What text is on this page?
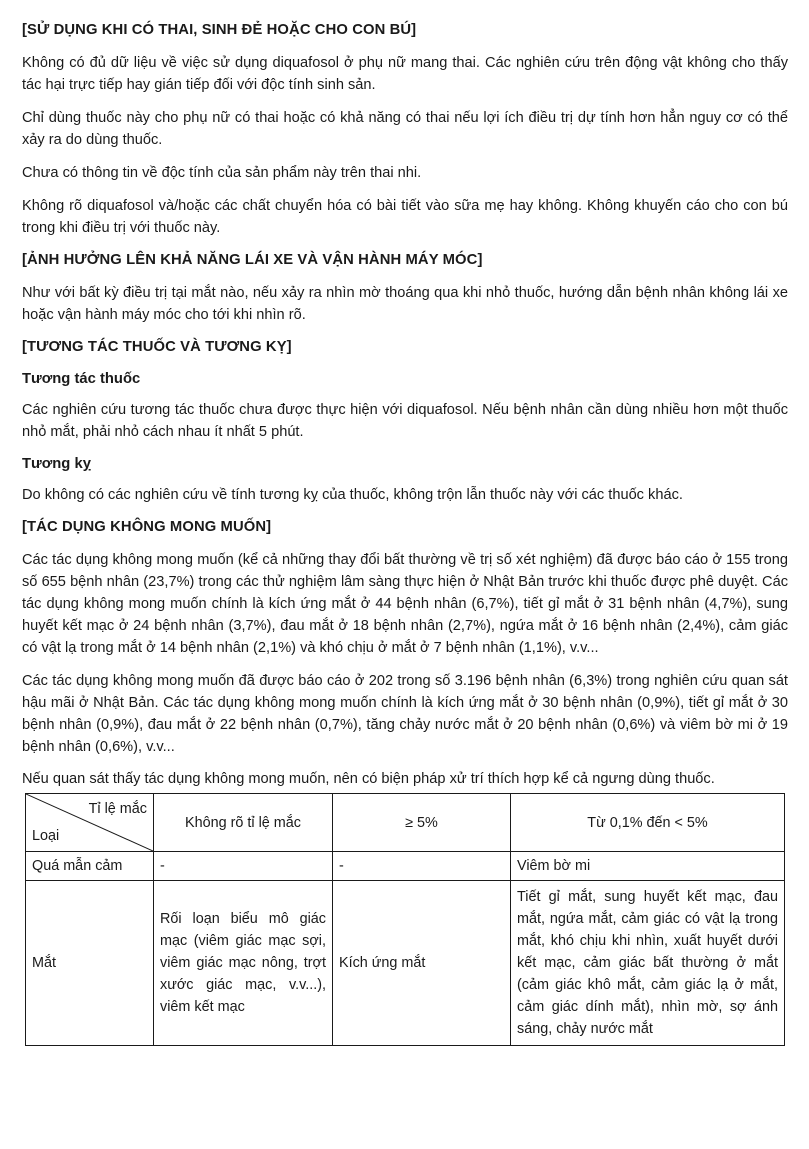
[SỬ DỤNG KHI CÓ THAI, SINH ĐẺ HOẶC CHO CON BÚ]

Không có đủ dữ liệu về việc sử dụng diquafosol ở phụ nữ mang thai. Các nghiên cứu trên động vật không cho thấy tác hại trực tiếp hay gián tiếp đối với độc tính sinh sản.

Chỉ dùng thuốc này cho phụ nữ có thai hoặc có khả năng có thai nếu lợi ích điều trị dự tính hơn hẳn nguy cơ có thể xảy ra do dùng thuốc.

Chưa có thông tin về độc tính của sản phẩm này trên thai nhi.

Không rõ diquafosol và/hoặc các chất chuyển hóa có bài tiết vào sữa mẹ hay không. Không khuyến cáo cho con bú trong khi điều trị với thuốc này.

[ẢNH HƯỞNG LÊN KHẢ NĂNG LÁI XE VÀ VẬN HÀNH MÁY MÓC]

Như với bất kỳ điều trị tại mắt nào, nếu xảy ra nhìn mờ thoáng qua khi nhỏ thuốc, hướng dẫn bệnh nhân không lái xe hoặc vận hành máy móc cho tới khi nhìn rõ.

[TƯƠNG TÁC THUỐC VÀ TƯƠNG KỴ]
Tương tác thuốc

Các nghiên cứu tương tác thuốc chưa được thực hiện với diquafosol. Nếu bệnh nhân cần dùng nhiều hơn một thuốc nhỏ mắt, phải nhỏ cách nhau ít nhất 5 phút.

Tương kỵ

Do không có các nghiên cứu về tính tương kỵ của thuốc, không trộn lẫn thuốc này với các thuốc khác.

[TÁC DỤNG KHÔNG MONG MUỐN]

Các tác dụng không mong muốn (kể cả những thay đổi bất thường về trị số xét nghiệm) đã được báo cáo ở 155 trong số 655 bệnh nhân (23,7%) trong các thử nghiệm lâm sàng thực hiện ở Nhật Bản trước khi thuốc được phê duyệt. Các tác dụng không mong muốn chính là kích ứng mắt ở 44 bệnh nhân (6,7%), tiết gỉ mắt ở 31 bệnh nhân (4,7%), sung huyết kết mạc ở 24 bệnh nhân (3,7%), đau mắt ở 18 bệnh nhân (2,7%), ngứa mắt ở 16 bệnh nhân (2,4%), cảm giác có vật lạ trong mắt ở 14 bệnh nhân (2,1%) và khó chịu ở mắt ở 7 bệnh nhân (1,1%), v.v...

Các tác dụng không mong muốn đã được báo cáo ở 202 trong số 3.196 bệnh nhân (6,3%) trong nghiên cứu quan sát hậu mãi ở Nhật Bản. Các tác dụng không mong muốn chính là kích ứng mắt ở 30 bệnh nhân (0,9%), tiết gỉ mắt ở 30 bệnh nhân (0,9%), đau mắt ở 22 bệnh nhân (0,7%), tăng chảy nước mắt ở 20 bệnh nhân (0,6%) và viêm bờ mi ở 19 bệnh nhân (0,6%), v.v...

Nếu quan sát thấy tác dụng không mong muốn, nên có biện pháp xử trí thích hợp kể cả ngưng dùng thuốc.

Tỉ lệ mắc
Loại	Không rõ tỉ lệ mắc	≥ 5%	Từ 0,1% đến < 5%
Quá mẫn cảm	-	-	Viêm bờ mi
Mắt	Rối loạn biểu mô giác mạc (viêm giác mạc sợi, viêm giác mạc nông, trợt xước giác mạc, v.v...), viêm kết mạc	Kích ứng mắt	Tiết gỉ mắt, sung huyết kết mạc, đau mắt, ngứa mắt, cảm giác có vật lạ trong mắt, khó chịu khi nhìn, xuất huyết dưới kết mạc, cảm giác bất thường ở mắt (cảm giác khô mắt, cảm giác lạ ở mắt, cảm giác dính mắt), nhìn mờ, sợ ánh sáng, chảy nước mắt
